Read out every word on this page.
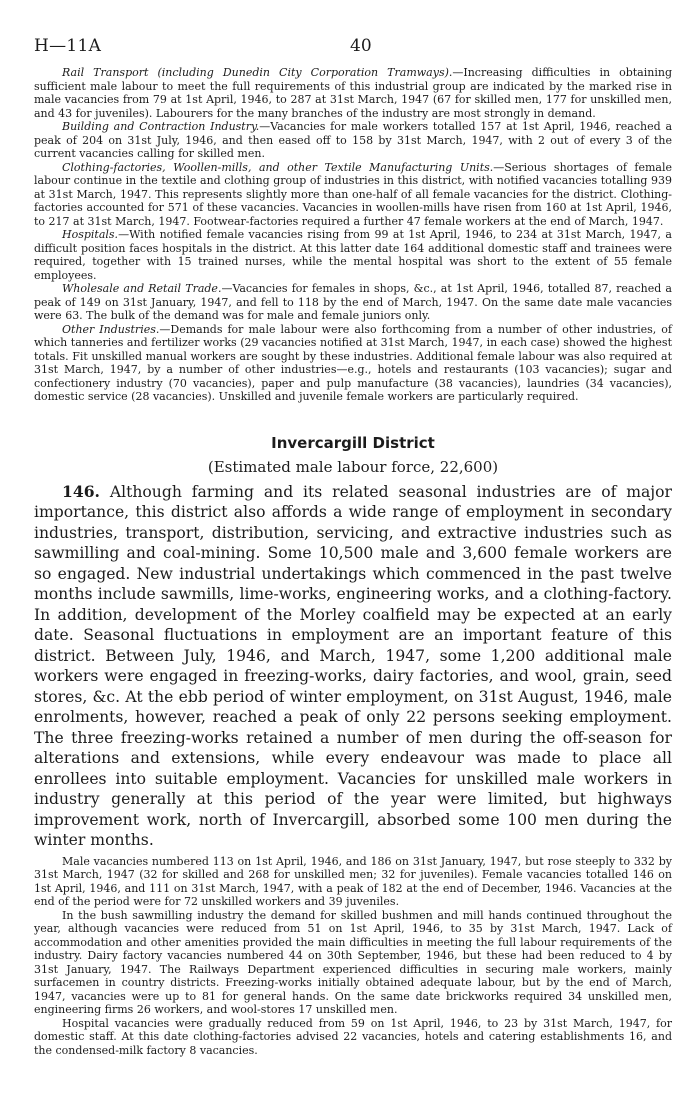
H—11A	40

Rail Transport (including Dunedin City Corporation Tramways).—Increasing difficulties in obtaining sufficient male labour to meet the full requirements of this industrial group are indicated by the marked rise in male vacancies from 79 at 1st April, 1946, to 287 at 31st March, 1947 (67 for skilled men, 177 for unskilled men, and 43 for juveniles). Labourers for the many branches of the industry are most strongly in demand.

Building and Contraction Industry.—Vacancies for male workers totalled 157 at 1st April, 1946, reached a peak of 204 on 31st July, 1946, and then eased off to 158 by 31st March, 1947, with 2 out of every 3 of the current vacancies calling for skilled men.

Clothing-factories, Woollen-mills, and other Textile Manufacturing Units.—Serious shortages of female labour continue in the textile and clothing group of industries in this district, with notified vacancies totalling 939 at 31st March, 1947. This represents slightly more than one-half of all female vacancies for the district. Clothing-factories accounted for 571 of these vacancies. Vacancies in woollen-mills have risen from 160 at 1st April, 1946, to 217 at 31st March, 1947. Footwear-factories required a further 47 female workers at the end of March, 1947.

Hospitals.—With notified female vacancies rising from 99 at 1st April, 1946, to 234 at 31st March, 1947, a difficult position faces hospitals in the district. At this latter date 164 additional domestic staff and trainees were required, together with 15 trained nurses, while the mental hospital was short to the extent of 55 female employees.

Wholesale and Retail Trade.—Vacancies for females in shops, &c., at 1st April, 1946, totalled 87, reached a peak of 149 on 31st January, 1947, and fell to 118 by the end of March, 1947. On the same date male vacancies were 63. The bulk of the demand was for male and female juniors only.

Other Industries.—Demands for male labour were also forthcoming from a number of other industries, of which tanneries and fertilizer works (29 vacancies notified at 31st March, 1947, in each case) showed the highest totals. Fit unskilled manual workers are sought by these industries. Additional female labour was also required at 31st March, 1947, by a number of other industries—e.g., hotels and restaurants (103 vacancies); sugar and confectionery industry (70 vacancies), paper and pulp manufacture (38 vacancies), laundries (34 vacancies), domestic service (28 vacancies). Unskilled and juvenile female workers are particularly required.

Invercargill District
(Estimated male labour force, 22,600)

146. Although farming and its related seasonal industries are of major importance, this district also affords a wide range of employment in secondary industries, transport, distribution, servicing, and extractive industries such as sawmilling and coal-mining. Some 10,500 male and 3,600 female workers are so engaged. New industrial undertakings which commenced in the past twelve months include sawmills, lime-works, engineering works, and a clothing-factory. In addition, development of the Morley coalfield may be expected at an early date. Seasonal fluctuations in employment are an important feature of this district. Between July, 1946, and March, 1947, some 1,200 additional male workers were engaged in freezing-works, dairy factories, and wool, grain, seed stores, &c. At the ebb period of winter employment, on 31st August, 1946, male enrolments, however, reached a peak of only 22 persons seeking employment. The three freezing-works retained a number of men during the off-season for alterations and extensions, while every endeavour was made to place all enrollees into suitable employment. Vacancies for unskilled male workers in industry generally at this period of the year were limited, but highways improvement work, north of Invercargill, absorbed some 100 men during the winter months.

Male vacancies numbered 113 on 1st April, 1946, and 186 on 31st January, 1947, but rose steeply to 332 by 31st March, 1947 (32 for skilled and 268 for unskilled men; 32 for juveniles). Female vacancies totalled 146 on 1st April, 1946, and 111 on 31st March, 1947, with a peak of 182 at the end of December, 1946. Vacancies at the end of the period were for 72 unskilled workers and 39 juveniles.

In the bush sawmilling industry the demand for skilled bushmen and mill hands continued throughout the year, although vacancies were reduced from 51 on 1st April, 1946, to 35 by 31st March, 1947. Lack of accommodation and other amenities provided the main difficulties in meeting the full labour requirements of the industry. Dairy factory vacancies numbered 44 on 30th September, 1946, but these had been reduced to 4 by 31st January, 1947. The Railways Department experienced difficulties in securing male workers, mainly surfacemen in country districts. Freezing-works initially obtained adequate labour, but by the end of March, 1947, vacancies were up to 81 for general hands. On the same date brickworks required 34 unskilled men, engineering firms 26 workers, and wool-stores 17 unskilled men.

Hospital vacancies were gradually reduced from 59 on 1st April, 1946, to 23 by 31st March, 1947, for domestic staff. At this date clothing-factories advised 22 vacancies, hotels and catering establishments 16, and the condensed-milk factory 8 vacancies.
